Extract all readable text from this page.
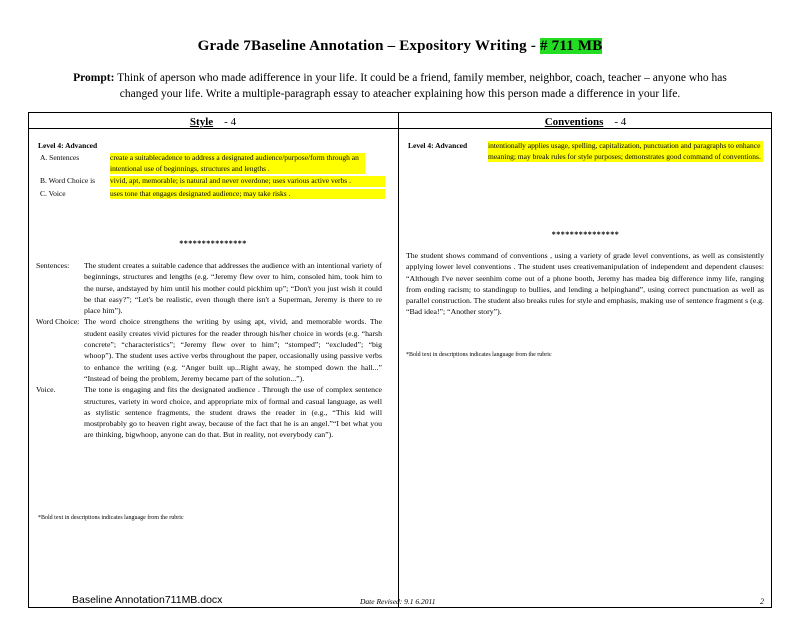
Grade 7Baseline Annotation – Expository Writing - # 711 MB
Prompt: Think of aperson who made adifference in your life. It could be a friend, family member, neighbor, coach, teacher – anyone who has changed your life. Write a multiple-paragraph essay to ateacher explaining how this person made a difference in your life.
Style - 4	Conventions - 4
Level 4: Advanced
A. Sentences	create a suitablecadence to address a designated audience/purpose/form through an intentional use of beginnings, structures and lengths .
B. Word Choice is	vivid, apt, memorable; is natural and never overdone; uses various active verbs .
C. Voice	uses tone that engages designated audience; may take risks .
***************
Sentences:	The student creates a suitable cadence that addresses the audience with an intentional variety of beginnings, structures and lengths (e.g. “Jeremy flew over to him, consoled him, took him to the nurse, andstayed by him until his mother could pickhim up”; “Don't you just wish it could be that easy?”; “Let's be realistic, even though there isn't a Superman, Jeremy is there to re place him”).
Word Choice: The word choice strengthens the writing by using apt, vivid, and memorable words. The student easily creates vivid pictures for the reader through his/her choice in words (e.g. “harsh concrete”; “characteristics”; “Jeremy flew over to him”; “stomped”; “excluded”; “big whoop”). The student uses active verbs throughout the paper, occasionally using passive verbs to enhance the writing (e.g. “Anger built up...Right away, he stomped down the hall...” “Instead of being the problem, Jeremy became part of the solution...”).
Voice.	The tone is engaging and fits the designated audience . Through the use of complex sentence structures, variety in word choice, and appropriate mix of formal and casual language, as well as stylistic sentence fragments, the student draws the reader in (e.g., “This kid will mostprobably go to heaven right away, because of the fact that he is an angel.”“I bet what you are thinking, bigwhoop, anyone can do that. But in reality, not everybody can”).
*Bold text in descriptions indicates language from the rubric
Level 4: Advanced	intentionally applies usage, spelling, capitalization, punctuation and paragraphs to enhance meaning; may break rules for style purposes; demonstrates good command of conventions.
***************
The student shows command of conventions , using a variety of grade level conventions, as well as consistently applying lower level conventions . The student uses creativemanipulation of independent and dependent clauses: “Although I've never seenhim come out of a phone booth, Jeremy has madea big difference inmy life, ranging from ending racism; to standingup to bullies, and lending a helpinghand”, using correct punctuation as well as parallel construction. The student also breaks rules for style and emphasis, making use of sentence fragment s (e.g. “Bad idea!”; “Another story”).
*Bold text in descriptions indicates language from the rubric
Baseline Annotation711MB.docx	Date Revised: 9.1 6.2011	2
